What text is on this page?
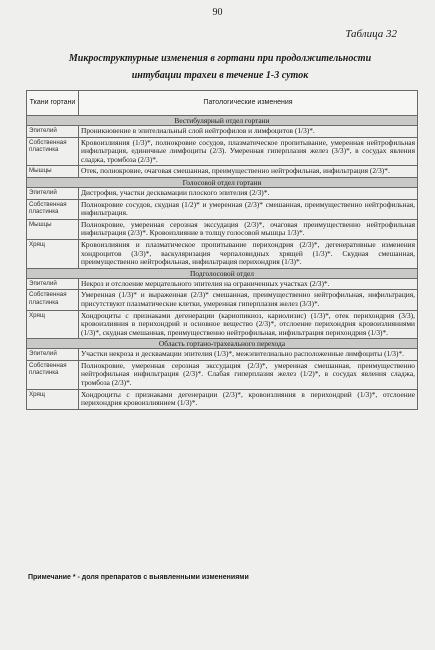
90
Таблица 32
Микроструктурные изменения в гортани при продолжительности
интубации трахеи в течение 1-3 суток
Ткани гортани	Патологические изменения
Вестибулярный отдел гортани	
Эпителий	Проникновение в эпителиальный слой нейтрофилов и лимфоцитов (1/3)*.
Собственная пластинка	Кровоизлияния (1/3)*, полнокровие сосудов, плазматическое пропитывание, умеренная нейтрофильная инфильтрация, единичные лимфоциты (2/3). Умеренная гиперплазия желез (3/3)*, в сосудах явления сладжа, тромбоза (2/3)*.
Мышцы	Отек, полнокровие, очаговая смешанная, преимущественно нейтрофильная, инфильтрация (2/3)*.
Голосовой отдел гортани	
Эпителий	Дистрофия, участки десквамации плоского эпителия (2/3)*.
Собственная пластинка	Полнокровие сосудов, скудная (1/2)* и умеренная (2/3)* смешанная, преимущественно нейтрофильная, инфильтрация.
Мышцы	Полнокровие, умеренная серозная экссудация (2/3)*, очаговая преимущественно нейтрофильная инфильтрация (2/3)*. Кровоизлияние в толщу голосовой мышцы 1/3)*.
Хрящ	Кровоизлияния и плазматическое пропитывание перихондрия (2/3)*, дегенеративные изменения хондроцитов (3/3)*, васкуляризация черпаловидных хрящей (1/3)*. Скудная смешанная, преимущественно нейтрофильная, инфильтрация перихондрия (1/3)*.
Подголосовой отдел	
Эпителий	Некроз и отслоение мерцательного эпителия на ограниченных участках (2/3)*.
Собственная пластинка	Умеренная (1/3)* и выраженная (2/3)* смешанная, преимущественно нейтрофильная, инфильтрация, присутствуют плазматические клетки, умеренная гиперплазия желез (3/3)*.
Хрящ	Хондроциты с признаками дегенерации (кариопикноз, кариолизис) (1/3)*, отек перихондрия (3/3), кровоизлияния в перихондрий и основное вещество (2/3)*, отслоение перихондрия кровоизлияниями (1/3)*, скудная смешанная, преимущественно нейтрофильная, инфильтрация перихондрия (1/3)*.
Область гортано-трахеального перехода	
Эпителий	Участки некроза и десквамации эпителия (1/3)*, межэпителиально расположенные лимфоциты (1/3)*.
Собственная пластинка	Полнокровие, умеренная серозная экссудация (2/3)*, умеренная смешанная, преимущественно нейтрофильная инфильтрация (2/3)*. Слабая гиперплазия желез (1/2)*, в сосудах явления сладжа, тромбоза (2/3)*.
Хрящ	Хондроциты с признаками дегенерации (2/3)*, кровоизлияния в перихондрий (1/3)*, отслоение перихондрия кровоизлиянием (1/3)*.
Примечание * - доля препаратов с выявленными изменениями
